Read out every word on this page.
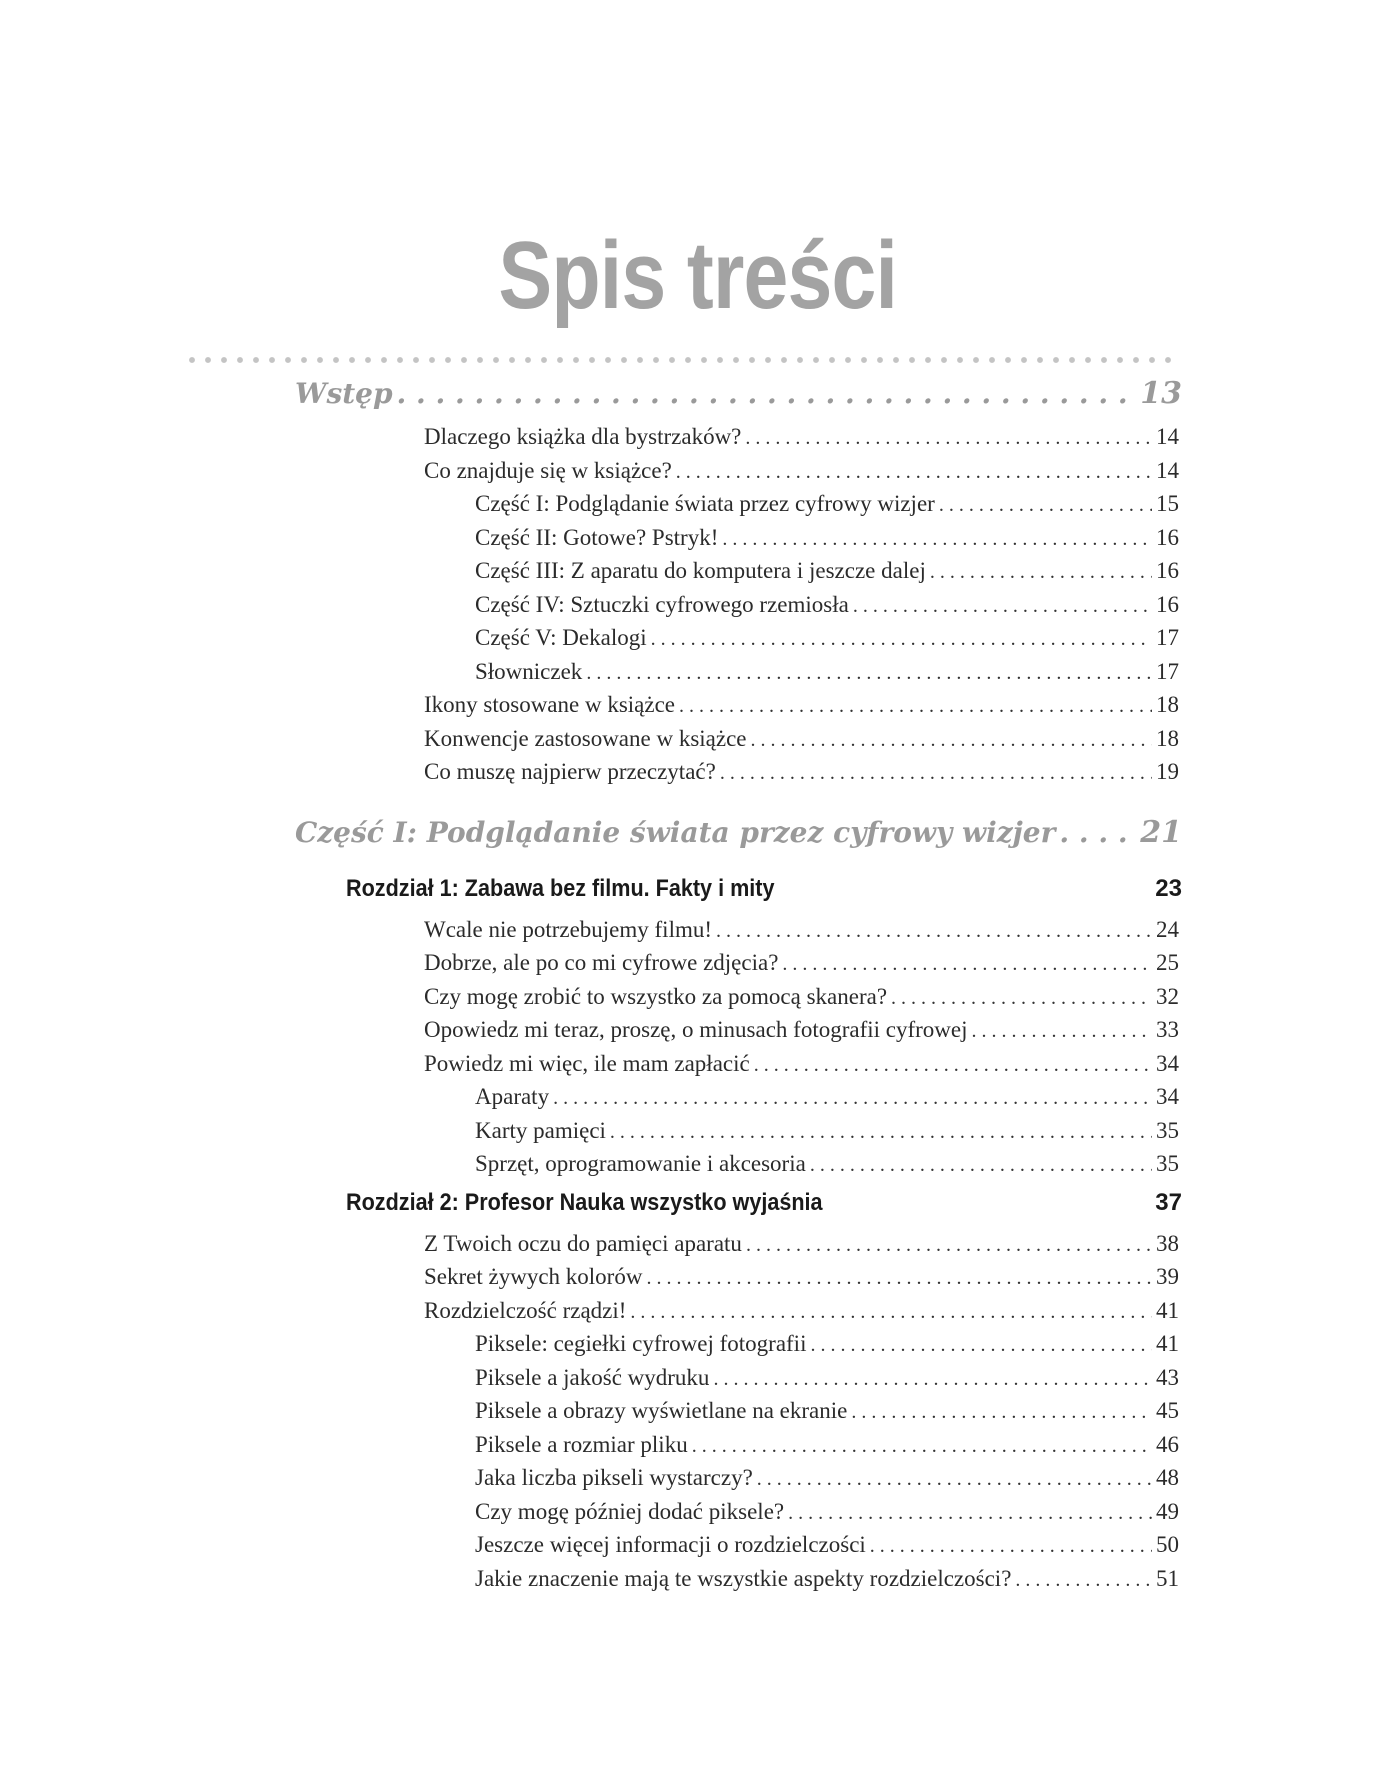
Spis treści
Wstęp . . .	13
Dlaczego książka dla bystrzaków? . . .	14
Co znajduje się w książce? . . .	14
Część I: Podglądanie świata przez cyfrowy wizjer . . .	15
Część II: Gotowe? Pstryk! . . .	16
Część III: Z aparatu do komputera i jeszcze dalej . . .	16
Część IV: Sztuczki cyfrowego rzemiosła . . .	16
Część V: Dekalogi . . .	17
Słowniczek . . .	17
Ikony stosowane w książce . . .	18
Konwencje zastosowane w książce . . .	18
Co muszę najpierw przeczytać? . . .	19
Część I: Podglądanie świata przez cyfrowy wizjer . . .	21
Rozdział 1: Zabawa bez filmu. Fakty i mity	23
Wcale nie potrzebujemy filmu! . . .	24
Dobrze, ale po co mi cyfrowe zdjęcia? . . .	25
Czy mogę zrobić to wszystko za pomocą skanera? . . .	32
Opowiedz mi teraz, proszę, o minusach fotografii cyfrowej . . .	33
Powiedz mi więc, ile mam zapłacić . . .	34
Aparaty . . .	34
Karty pamięci . . .	35
Sprzęt, oprogramowanie i akcesoria . . .	35
Rozdział 2: Profesor Nauka wszystko wyjaśnia	37
Z Twoich oczu do pamięci aparatu . . .	38
Sekret żywych kolorów . . .	39
Rozdzielczość rządzi! . . .	41
Piksele: cegiełki cyfrowej fotografii . . .	41
Piksele a jakość wydruku . . .	43
Piksele a obrazy wyświetlane na ekranie . . .	45
Piksele a rozmiar pliku . . .	46
Jaka liczba pikseli wystarczy? . . .	48
Czy mogę później dodać piksele? . . .	49
Jeszcze więcej informacji o rozdzielczości . . .	50
Jakie znaczenie mają te wszystkie aspekty rozdzielczości? . . .	51
